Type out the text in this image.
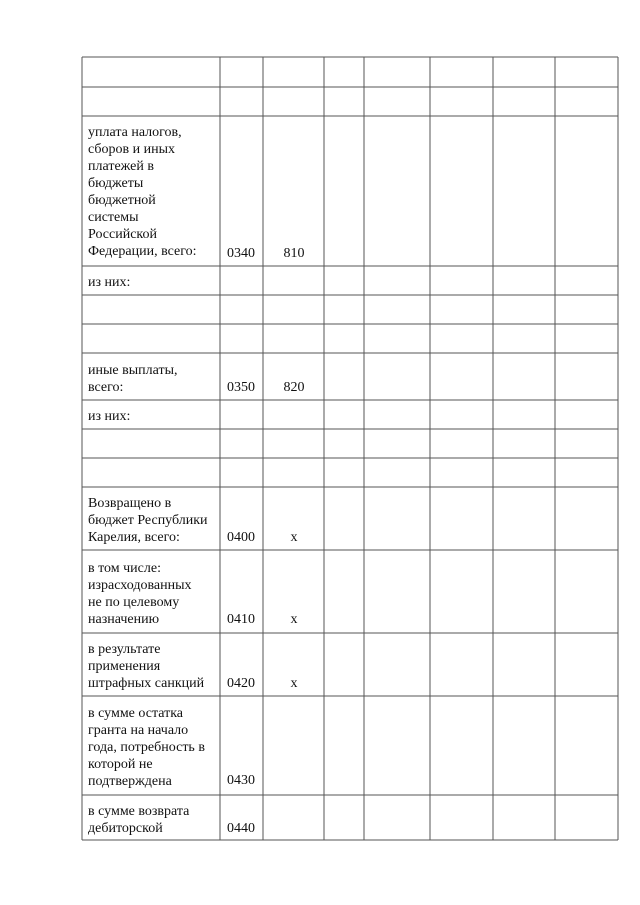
уплата налогов,
сборов и иных
платежей в
бюджеты
бюджетной
системы
Российской
Федерации, всего:	0340	810
из них:
иные выплаты,
всего:	0350	820
из них:
Возвращено в
бюджет Республики
Карелия, всего:	0400	x
в том числе:
израсходованных
не по целевому
назначению	0410	x
в результате
применения
штрафных санкций	0420	x
в сумме остатка
гранта на начало
года, потребность в
которой не
подтверждена	0430
в сумме возврата
дебиторской	0440
